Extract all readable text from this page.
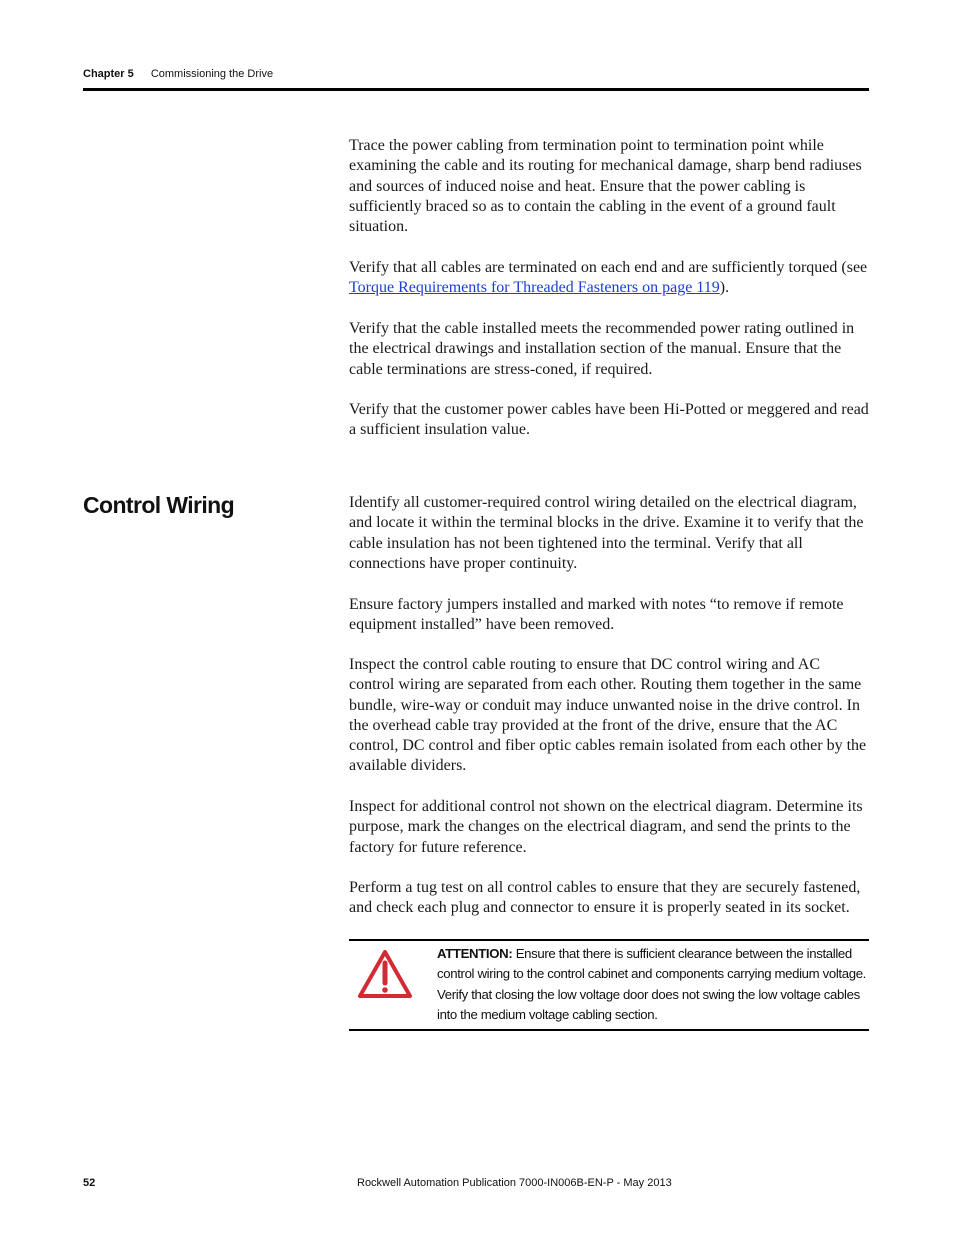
Chapter 5 Commissioning the Drive

Trace the power cabling from termination point to termination point while examining the cable and its routing for mechanical damage, sharp bend radiuses and sources of induced noise and heat. Ensure that the power cabling is sufficiently braced so as to contain the cabling in the event of a ground fault situation.

Verify that all cables are terminated on each end and are sufficiently torqued (see Torque Requirements for Threaded Fasteners on page 119).

Verify that the cable installed meets the recommended power rating outlined in the electrical drawings and installation section of the manual. Ensure that the cable terminations are stress-coned, if required.

Verify that the customer power cables have been Hi-Potted or meggered and read a sufficient insulation value.

Control Wiring	Identify all customer-required control wiring detailed on the electrical diagram, and locate it within the terminal blocks in the drive. Examine it to verify that the cable insulation has not been tightened into the terminal. Verify that all connections have proper continuity.

Ensure factory jumpers installed and marked with notes “to remove if remote equipment installed” have been removed.

Inspect the control cable routing to ensure that DC control wiring and AC control wiring are separated from each other. Routing them together in the same bundle, wire-way or conduit may induce unwanted noise in the drive control. In the overhead cable tray provided at the front of the drive, ensure that the AC control, DC control and fiber optic cables remain isolated from each other by the available dividers.

Inspect for additional control not shown on the electrical diagram. Determine its purpose, mark the changes on the electrical diagram, and send the prints to the factory for future reference.

Perform a tug test on all control cables to ensure that they are securely fastened, and check each plug and connector to ensure it is properly seated in its socket.

ATTENTION: Ensure that there is sufficient clearance between the installed control wiring to the control cabinet and components carrying medium voltage. Verify that closing the low voltage door does not swing the low voltage cables into the medium voltage cabling section.
52	Rockwell Automation Publication 7000-IN006B-EN-P - May 2013
